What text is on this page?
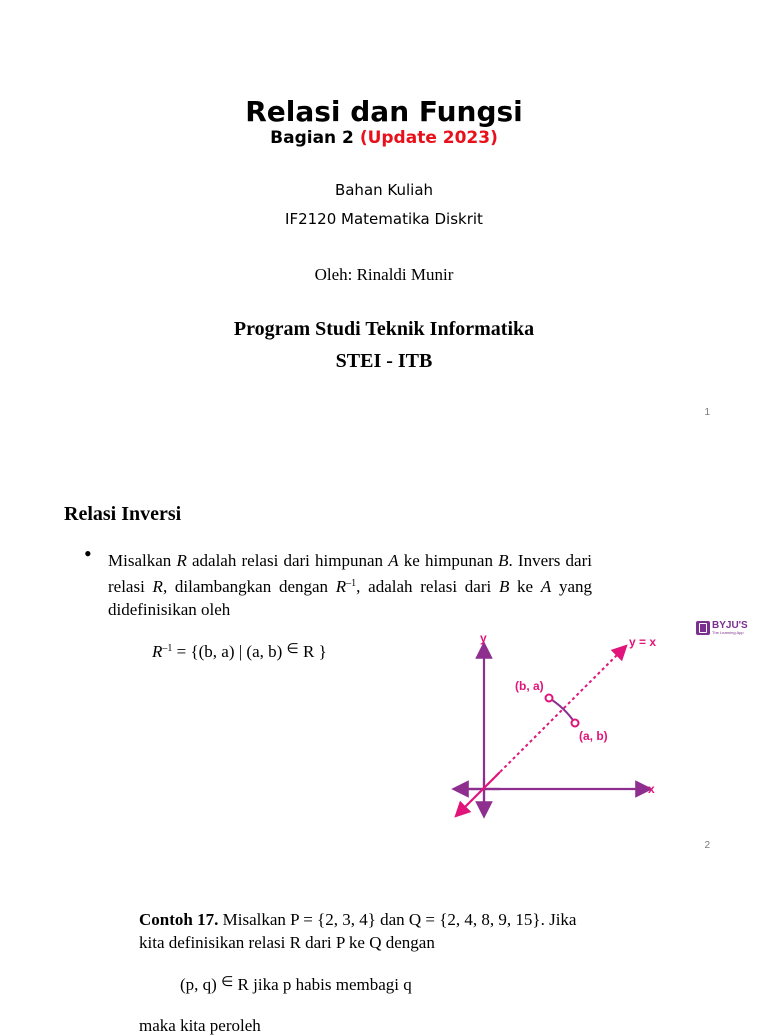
Relasi dan Fungsi
Bagian 2 (Update 2023)
Bahan Kuliah
IF2120 Matematika Diskrit
Oleh: Rinaldi Munir
Program Studi Teknik Informatika
STEI - ITB
1
Relasi Inversi
• Misalkan R adalah relasi dari himpunan A ke himpunan B. Invers dari relasi R, dilambangkan dengan $R^{-1}$, adalah relasi dari B ke A yang didefinisikan oleh
$R^{-1} = \{(b$, a) | (a, b) ∈ R }
BYJU'S
The Learning App
y
x
y = x
(b, a)
(a, b)
2
Contoh 17. Misalkan P = {2, 3, 4} dan Q = {2, 4, 8, 9, 15}. Jika
kita definisikan relasi R dari P ke Q dengan
(p, q) ∈ R jika p habis membagi q
maka kita peroleh
